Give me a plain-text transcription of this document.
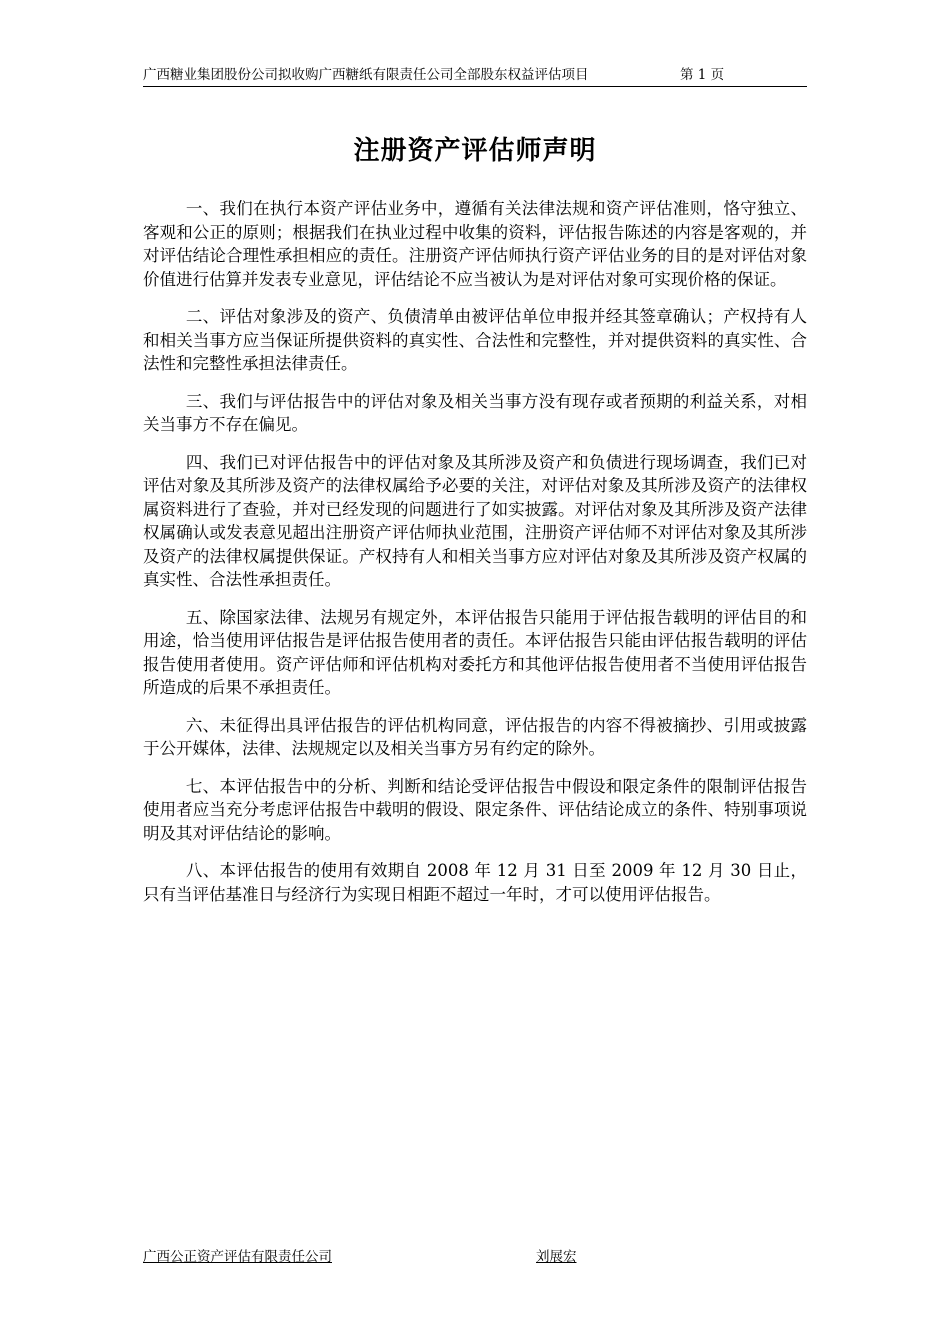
广西糖业集团股份公司拟收购广西糖纸有限责任公司全部股东权益评估项目	第 1 页
注册资产评估师声明

一、我们在执行本资产评估业务中，遵循有关法律法规和资产评估准则，恪守独立、客观和公正的原则；根据我们在执业过程中收集的资料，评估报告陈述的内容是客观的，并对评估结论合理性承担相应的责任。注册资产评估师执行资产评估业务的目的是对评估对象价值进行估算并发表专业意见，评估结论不应当被认为是对评估对象可实现价格的保证。

二、评估对象涉及的资产、负债清单由被评估单位申报并经其签章确认；产权持有人和相关当事方应当保证所提供资料的真实性、合法性和完整性，并对提供资料的真实性、合法性和完整性承担法律责任。

三、我们与评估报告中的评估对象及相关当事方没有现存或者预期的利益关系，对相关当事方不存在偏见。

四、我们已对评估报告中的评估对象及其所涉及资产和负债进行现场调查，我们已对评估对象及其所涉及资产的法律权属给予必要的关注，对评估对象及其所涉及资产的法律权属资料进行了查验，并对已经发现的问题进行了如实披露。对评估对象及其所涉及资产法律权属确认或发表意见超出注册资产评估师执业范围，注册资产评估师不对评估对象及其所涉及资产的法律权属提供保证。产权持有人和相关当事方应对评估对象及其所涉及资产权属的真实性、合法性承担责任。

五、除国家法律、法规另有规定外，本评估报告只能用于评估报告载明的评估目的和用途，恰当使用评估报告是评估报告使用者的责任。本评估报告只能由评估报告载明的评估报告使用者使用。资产评估师和评估机构对委托方和其他评估报告使用者不当使用评估报告所造成的后果不承担责任。

六、未征得出具评估报告的评估机构同意，评估报告的内容不得被摘抄、引用或披露于公开媒体，法律、法规规定以及相关当事方另有约定的除外。

七、本评估报告中的分析、判断和结论受评估报告中假设和限定条件的限制评估报告使用者应当充分考虑评估报告中载明的假设、限定条件、评估结论成立的条件、特别事项说明及其对评估结论的影响。

八、本评估报告的使用有效期自 2008 年 12 月 31 日至 2009 年 12 月 30 日止，只有当评估基准日与经济行为实现日相距不超过一年时，才可以使用评估报告。

广西公正资产评估有限责任公司	刘展宏
